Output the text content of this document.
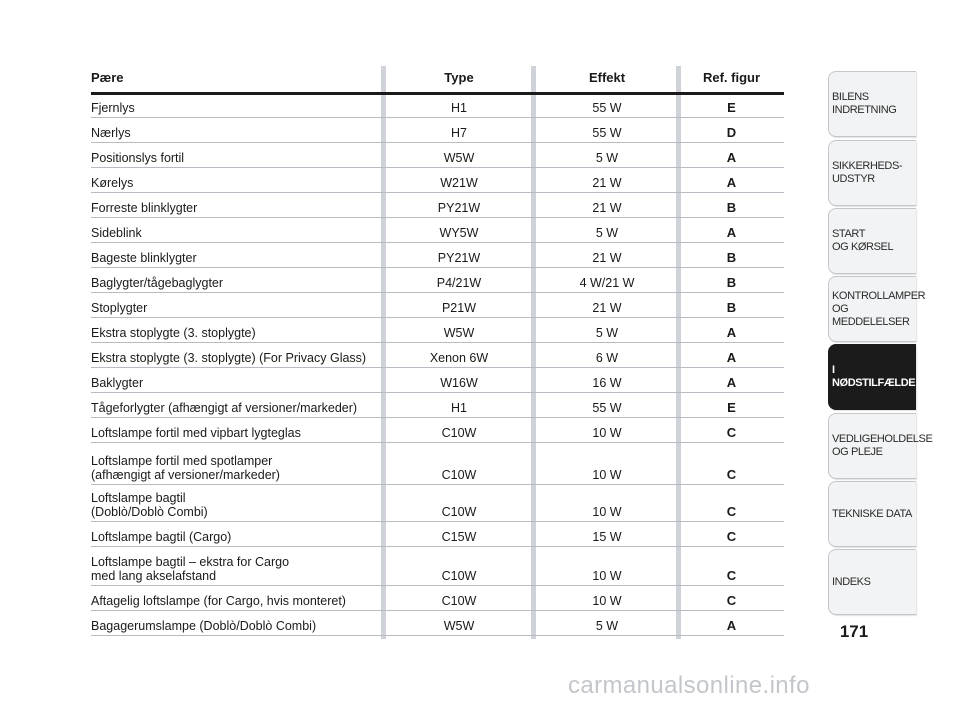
Pære	Type	Effekt	Ref. figur
Fjernlys	H1	55 W	E
Nærlys	H7	55 W	D
Positionslys fortil	W5W	5 W	A
Kørelys	W21W	21 W	A
Forreste blinklygter	PY21W	21 W	B
Sideblink	WY5W	5 W	A
Bageste blinklygter	PY21W	21 W	B
Baglygter/tågebaglygter	P4/21W	4 W/21 W	B
Stoplygter	P21W	21 W	B
Ekstra stoplygte (3. stoplygte)	W5W	5 W	A
Ekstra stoplygte (3. stoplygte) (For Privacy Glass)	Xenon 6W	6 W	A
Baklygter	W16W	16 W	A
Tågeforlygter (afhængigt af versioner/markeder)	H1	55 W	E
Loftslampe fortil med vipbart lygteglas	C10W	10 W	C
Loftslampe fortil med spotlamper
(afhængigt af versioner/markeder)	C10W	10 W	C
Loftslampe bagtil
(Doblò/Doblò Combi)	C10W	10 W	C
Loftslampe bagtil (Cargo)	C15W	15 W	C
Loftslampe bagtil – ekstra for Cargo
med lang akselafstand	C10W	10 W	C
Aftagelig loftslampe (for Cargo, hvis monteret)	C10W	10 W	C
Bagagerumslampe (Doblò/Doblò Combi)	W5W	5 W	A
BILENS
INDRETNING
SIKKERHEDS-
UDSTYR
START
OG KØRSEL
KONTROLLAMPER
OG MEDDELELSER
I NØDSTILFÆLDE
VEDLIGEHOLDELSE
OG PLEJE
TEKNISKE DATA
INDEKS
171
carmanualsonline.info
